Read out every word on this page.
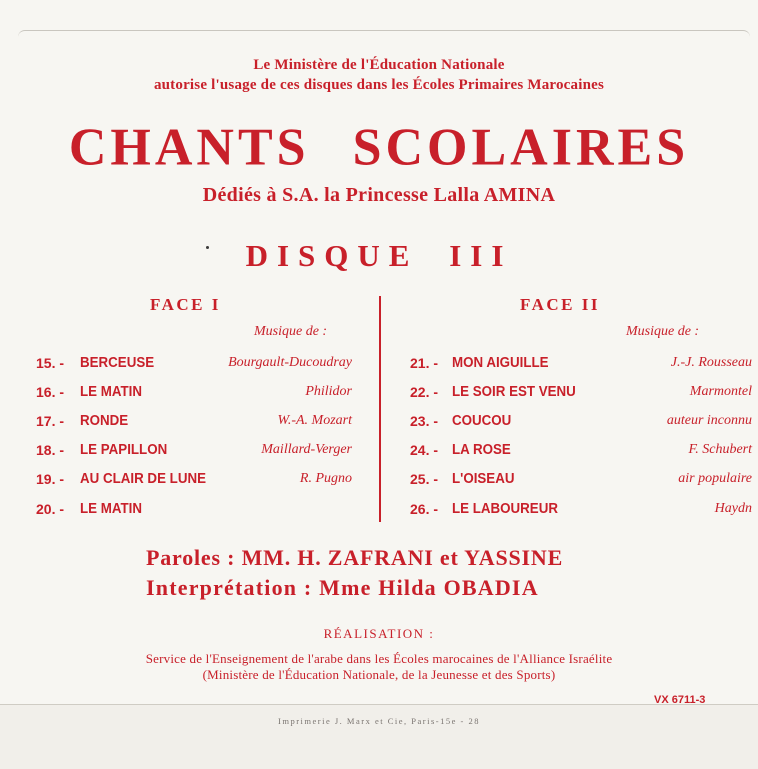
Le Ministère de l'Éducation Nationale
autorise l'usage de ces disques dans les Écoles Primaires Marocaines
CHANTS SCOLAIRES
Dédiés à S.A. la Princesse Lalla AMINA
DISQUE III
FACE I	FACE II
Musique de :	Musique de :
15. - BERCEUSE	Bourgault-Ducoudray
16. - LE MATIN	Philidor
17. - RONDE	W.-A. Mozart
18. - LE PAPILLON	Maillard-Verger
19. - AU CLAIR DE LUNE	R. Pugno
20. - LE MATIN
21. - MON AIGUILLE	J.-J. Rousseau
22. - LE SOIR EST VENU	Marmontel
23. - COUCOU	auteur inconnu
24. - LA ROSE	F. Schubert
25. - L'OISEAU	air populaire
26. - LE LABOUREUR	Haydn
Paroles : MM. H. ZAFRANI et YASSINE
Interprétation : Mme Hilda OBADIA
RÉALISATION :
Service de l'Enseignement de l'arabe dans les Écoles marocaines de l'Alliance Israélite
(Ministère de l'Éducation Nationale, de la Jeunesse et des Sports)
VX 6711-3
Imprimerie J. Marx et Cie, Paris-15e - 28
